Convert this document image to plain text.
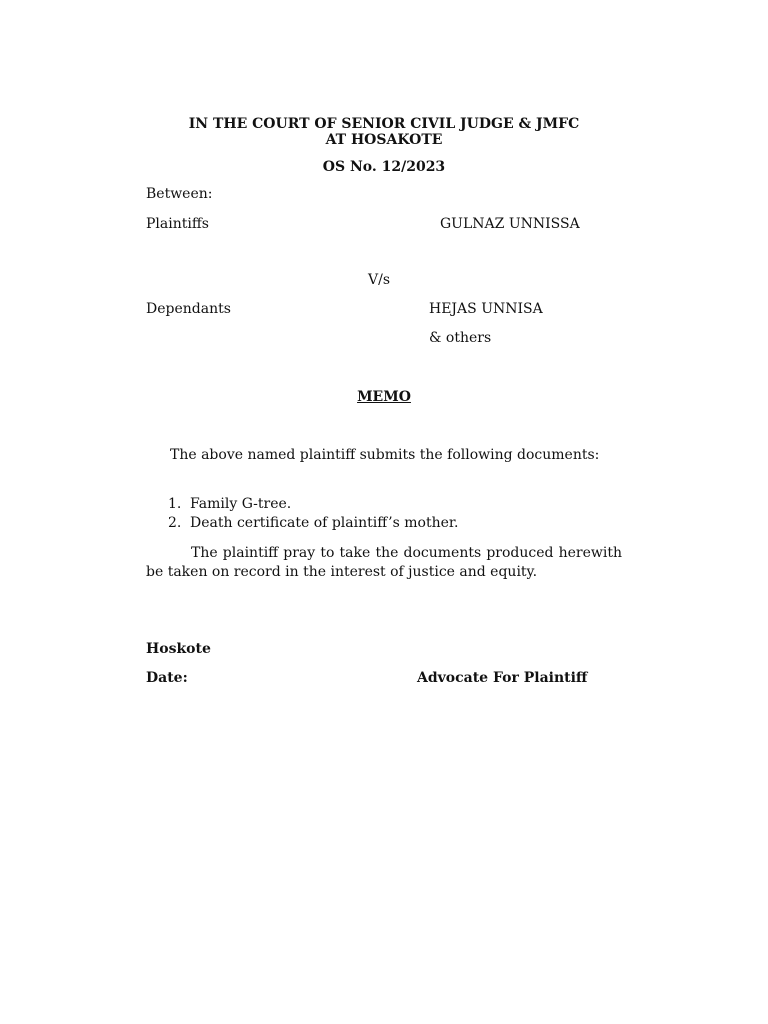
IN THE COURT OF SENIOR CIVIL JUDGE & JMFC
AT HOSAKOTE
OS No. 12/2023
Between:
Plaintiffs	GULNAZ UNNISSA
V/s
Dependants	HEJAS UNNISA
& others
MEMO
The above named plaintiff submits the following documents:
1. Family G-tree.
2. Death certificate of plaintiff’s mother.
The plaintiff pray to take the documents produced herewith be taken on record in the interest of justice and equity.
Hoskote
Date:	Advocate For Plaintiff
